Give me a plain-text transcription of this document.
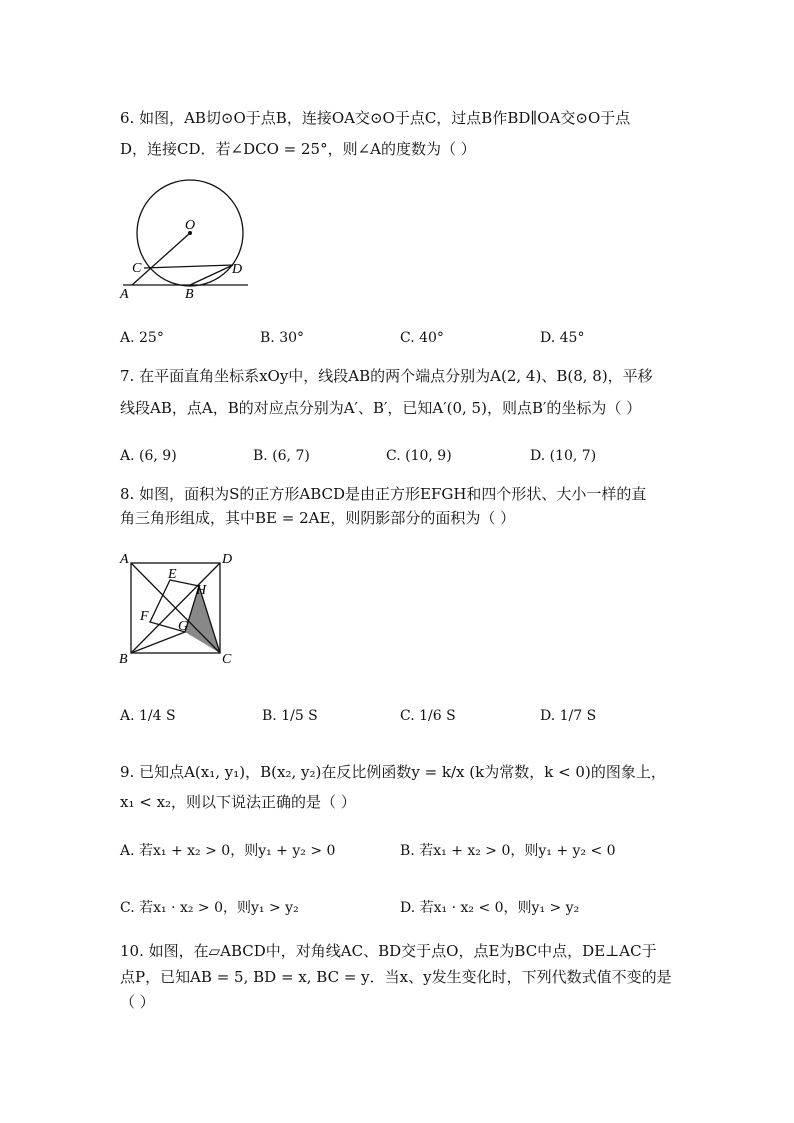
6. 如图，AB切⊙O于点B，连接OA交⊙O于点C，过点B作BD∥OA交⊙O于点
D，连接CD．若∠DCO = 25°，则∠A的度数为（ ）
O
C	D
A	B
A. 25°	B. 30°	C. 40°	D. 45°
7. 在平面直角坐标系xOy中，线段AB的两个端点分别为A(2, 4)、B(8, 8)，平移
线段AB，点A，B的对应点分别为A′、B′，已知A′(0, 5)，则点B′的坐标为（ ）
A. (6, 9)	B. (6, 7)	C. (10, 9)	D. (10, 7)
8. 如图，面积为S的正方形ABCD是由正方形EFGH和四个形状、大小一样的直
角三角形组成，其中BE = 2AE，则阴影部分的面积为（ ）
A	D
E
H
F
G
B	C
A. 1/4 S	B. 1/5 S	C. 1/6 S	D. 1/7 S
9. 已知点A(x₁, y₁)，B(x₂, y₂)在反比例函数y = k/x (k为常数，k < 0)的图象上，
x₁ < x₂，则以下说法正确的是（ ）
A. 若x₁ + x₂ > 0，则y₁ + y₂ > 0	B. 若x₁ + x₂ > 0，则y₁ + y₂ < 0
C. 若x₁ · x₂ > 0，则y₁ > y₂	D. 若x₁ · x₂ < 0，则y₁ > y₂
10. 如图，在▱ABCD中，对角线AC、BD交于点O，点E为BC中点，DE⊥AC于
点P，已知AB = 5, BD = x, BC = y．当x、y发生变化时，下列代数式值不变的是
（ ）
